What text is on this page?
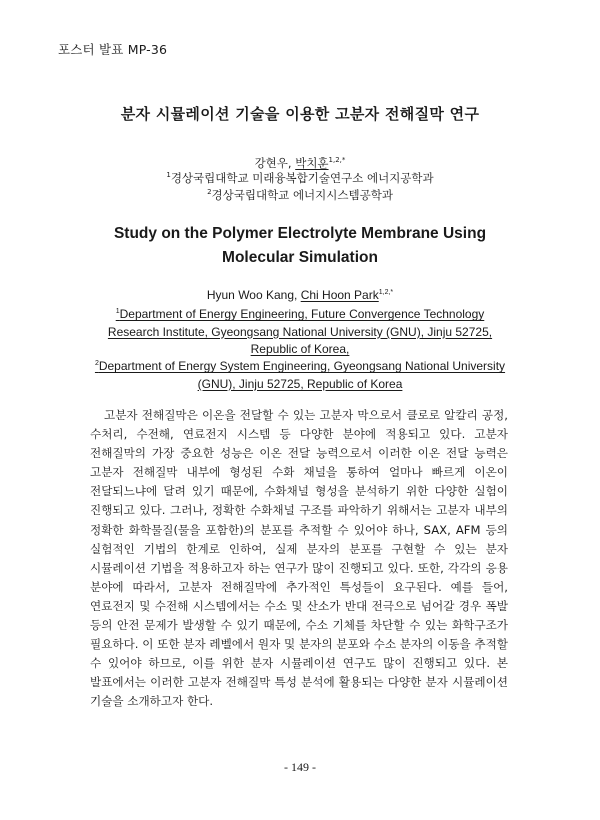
포스터 발표 MP-36
분자 시뮬레이션 기술을 이용한 고분자 전해질막 연구
강현우, 박치훈$^{1,2,*}$
$^1$경상국립대학교 미래융복합기술연구소 에너지공학과
$^2$경상국립대학교 에너지시스템공학과
Study on the Polymer Electrolyte Membrane Using
Molecular Simulation
Hyun Woo Kang, Chi Hoon Park$^{1,2,*}$
$^1$Department of Energy Engineering, Future Convergence Technology
Research Institute, Gyeongsang National University (GNU), Jinju 52725,
Republic of Korea,
$^2$Department of Energy System Engineering, Gyeongsang National University
(GNU), Jinju 52725, Republic of Korea

고분자 전해질막은 이온을 전달할 수 있는 고분자 막으로서 클로로 알칼리 공정, 수처리, 수전해, 연료전지 시스템 등 다양한 분야에 적용되고 있다. 고분자 전해질막의 가장 중요한 성능은 이온 전달 능력으로서 이러한 이온 전달 능력은 고분자 전해질막 내부에 형성된 수화 채널을 통하여 얼마나 빠르게 이온이 전달되느냐에 달려 있기 때문에, 수화채널 형성을 분석하기 위한 다양한 실험이 진행되고 있다. 그러나, 정확한 수화채널 구조를 파악하기 위해서는 고분자 내부의 정확한 화학물질(물을 포함한)의 분포를 추적할 수 있어야 하나, SAX, AFM 등의 실험적인 기법의 한계로 인하여, 실제 분자의 분포를 구현할 수 있는 분자 시뮬레이션 기법을 적용하고자 하는 연구가 많이 진행되고 있다. 또한, 각각의 응용 분야에 따라서, 고분자 전해질막에 추가적인 특성들이 요구된다. 예를 들어, 연료전지 및 수전해 시스템에서는 수소 및 산소가 반대 전극으로 넘어갈 경우 폭발 등의 안전 문제가 발생할 수 있기 때문에, 수소 기체를 차단할 수 있는 화학구조가 필요하다. 이 또한 분자 레벨에서 원자 및 분자의 분포와 수소 분자의 이동을 추적할 수 있어야 하므로, 이를 위한 분자 시뮬레이션 연구도 많이 진행되고 있다. 본 발표에서는 이러한 고분자 전해질막 특성 분석에 활용되는 다양한 분자 시뮬레이션 기술을 소개하고자 한다.

- 149 -
